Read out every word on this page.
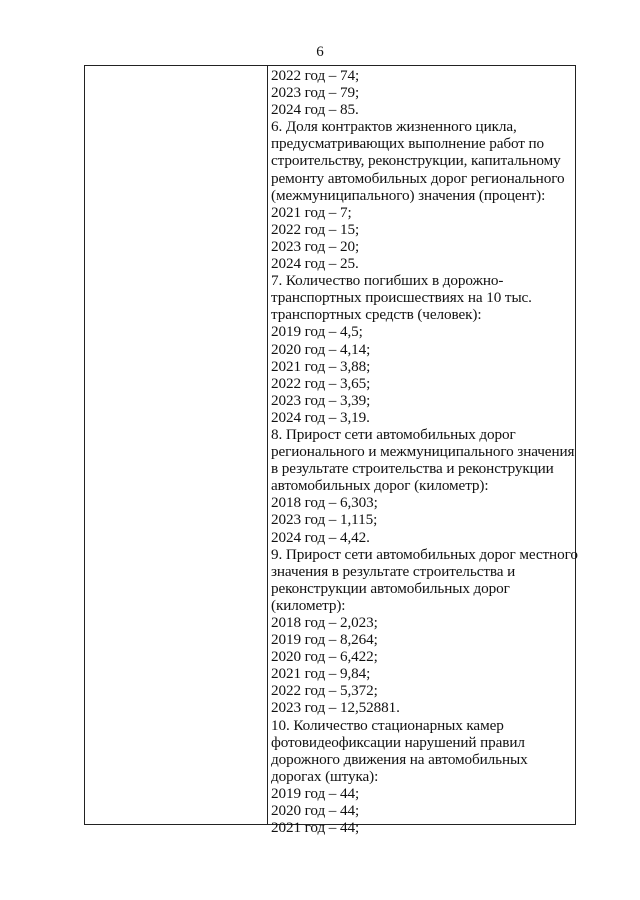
6
2022 год – 74;
2023 год – 79;
2024 год – 85.
6. Доля контрактов жизненного цикла,
предусматривающих выполнение работ по
строительству, реконструкции, капитальному
ремонту автомобильных дорог регионального
(межмуниципального) значения (процент):
2021 год – 7;
2022 год – 15;
2023 год – 20;
2024 год – 25.
7. Количество погибших в дорожно-
транспортных происшествиях на 10 тыс.
транспортных средств (человек):
2019 год – 4,5;
2020 год – 4,14;
2021 год – 3,88;
2022 год – 3,65;
2023 год – 3,39;
2024 год – 3,19.
8. Прирост сети автомобильных дорог
регионального и межмуниципального значения
в результате строительства и реконструкции
автомобильных дорог (километр):
2018 год – 6,303;
2023 год – 1,115;
2024 год – 4,42.
9. Прирост сети автомобильных дорог местного
значения в результате строительства и
реконструкции автомобильных дорог
(километр):
2018 год – 2,023;
2019 год – 8,264;
2020 год – 6,422;
2021 год – 9,84;
2022 год – 5,372;
2023 год – 12,52881.
10. Количество стационарных камер
фотовидеофиксации нарушений правил
дорожного движения на автомобильных
дорогах (штука):
2019 год – 44;
2020 год – 44;
2021 год – 44;
